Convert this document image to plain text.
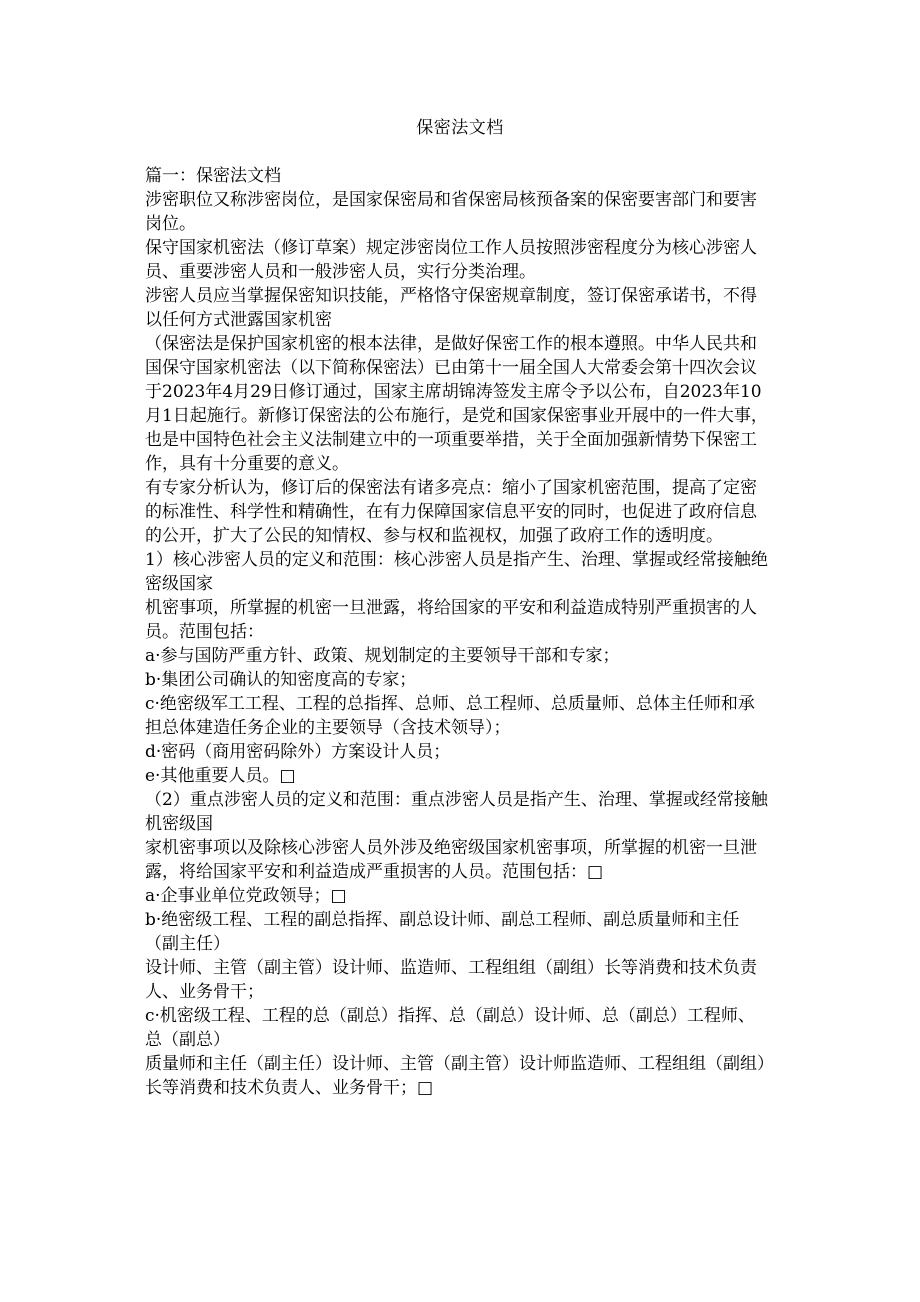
保密法文档

篇一：保密法文档

涉密职位又称涉密岗位，是国家保密局和省保密局核预备案的保密要害部门和要害岗位。

保守国家机密法（修订草案）规定涉密岗位工作人员按照涉密程度分为核心涉密人员、重要涉密人员和一般涉密人员，实行分类治理。

涉密人员应当掌握保密知识技能，严格恪守保密规章制度，签订保密承诺书，不得以任何方式泄露国家机密

（保密法是保护国家机密的根本法律，是做好保密工作的根本遵照。中华人民共和国保守国家机密法（以下简称保密法）已由第十一届全国人大常委会第十四次会议于2023年4月29日修订通过，国家主席胡锦涛签发主席令予以公布，自2023年10月1日起施行。新修订保密法的公布施行，是党和国家保密事业开展中的一件大事，也是中国特色社会主义法制建立中的一项重要举措，关于全面加强新情势下保密工作，具有十分重要的意义。

有专家分析认为，修订后的保密法有诸多亮点：缩小了国家机密范围，提高了定密的标准性、科学性和精确性，在有力保障国家信息平安的同时，也促进了政府信息的公开，扩大了公民的知情权、参与权和监视权，加强了政府工作的透明度。

1）核心涉密人员的定义和范围：核心涉密人员是指产生、治理、掌握或经常接触绝密级国家

机密事项，所掌握的机密一旦泄露，将给国家的平安和利益造成特别严重损害的人员。范围包括：

a·参与国防严重方针、政策、规划制定的主要领导干部和专家；

b·集团公司确认的知密度高的专家；

c·绝密级军工工程、工程的总指挥、总师、总工程师、总质量师、总体主任师和承

担总体建造任务企业的主要领导（含技术领导）；

d·密码（商用密码除外）方案设计人员；

e·其他重要人员。□

（2）重点涉密人员的定义和范围：重点涉密人员是指产生、治理、掌握或经常接触机密级国

家机密事项以及除核心涉密人员外涉及绝密级国家机密事项，所掌握的机密一旦泄露，将给国家平安和利益造成严重损害的人员。范围包括：□

a·企事业单位党政领导；□

b·绝密级工程、工程的副总指挥、副总设计师、副总工程师、副总质量师和主任（副主任）

设计师、主管（副主管）设计师、监造师、工程组组（副组）长等消费和技术负责人、业务骨干；

c·机密级工程、工程的总（副总）指挥、总（副总）设计师、总（副总）工程师、总（副总）

质量师和主任（副主任）设计师、主管（副主管）设计师监造师、工程组组（副组）长等消费和技术负责人、业务骨干；□
